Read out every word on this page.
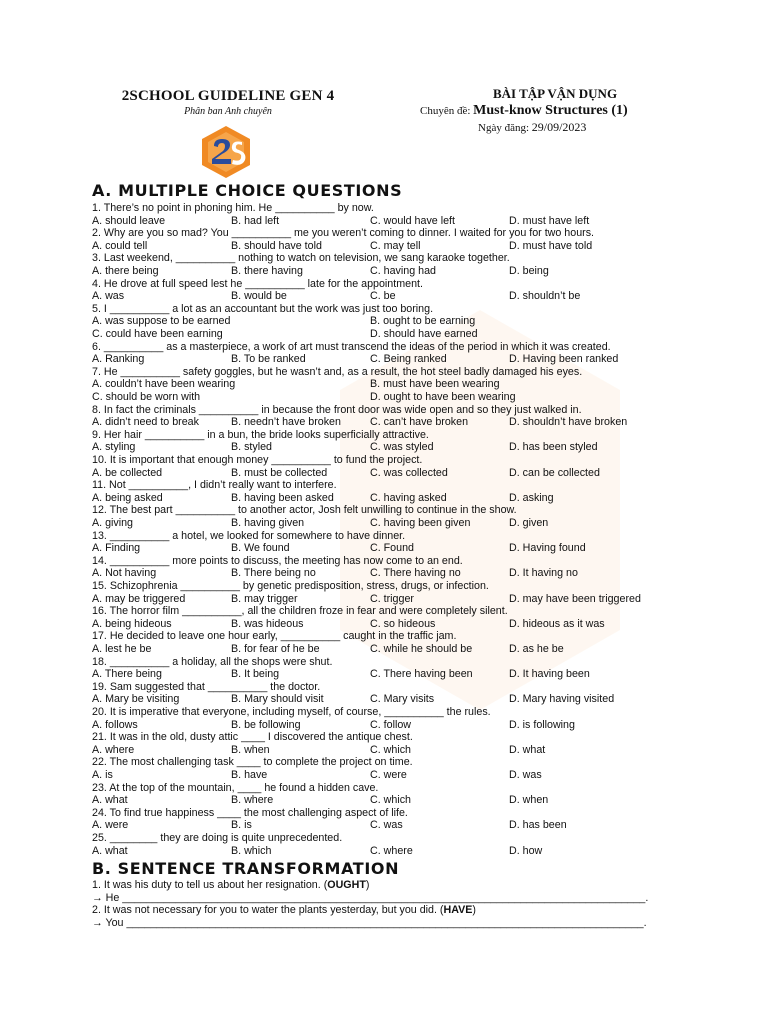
2SCHOOL GUIDELINE GEN 4
Phân ban Anh chuyên
BÀI TẬP VẬN DỤNG
Chuyên đề: Must-know Structures (1)
Ngày đăng: 29/09/2023
A. MULTIPLE CHOICE QUESTIONS
1. There’s no point in phoning him. He __________ by now.
A. should leave	B. had left	C. would have left	D. must have left
2. Why are you so mad? You __________ me you weren’t coming to dinner. I waited for you for two hours.
A. could tell	B. should have told	C. may tell	D. must have told
3. Last weekend, __________ nothing to watch on television, we sang karaoke together.
A. there being	B. there having	C. having had	D. being
4. He drove at full speed lest he __________ late for the appointment.
A. was	B. would be	C. be	D. shouldn’t be
5. I __________ a lot as an accountant but the work was just too boring.
A. was suppose to be earned	B. ought to be earning
C. could have been earning	D. should have earned
6. __________ as a masterpiece, a work of art must transcend the ideas of the period in which it was created.
A. Ranking	B. To be ranked	C. Being ranked	D. Having been ranked
7. He __________ safety goggles, but he wasn’t and, as a result, the hot steel badly damaged his eyes.
A. couldn’t have been wearing	B. must have been wearing
C. should be worn with	D. ought to have been wearing
8. In fact the criminals __________ in because the front door was wide open and so they just walked in.
A. didn’t need to break	B. needn’t have broken	C. can’t have broken	D. shouldn’t have broken
9. Her hair __________ in a bun, the bride looks superficially attractive.
A. styling	B. styled	C. was styled	D. has been styled
10. It is important that enough money __________ to fund the project.
A. be collected	B. must be collected	C. was collected	D. can be collected
11. Not __________, I didn’t really want to interfere.
A. being asked	B. having been asked	C. having asked	D. asking
12. The best part __________ to another actor, Josh felt unwilling to continue in the show.
A. giving	B. having given	C. having been given	D. given
13. __________ a hotel, we looked for somewhere to have dinner.
A. Finding	B. We found	C. Found	D. Having found
14. __________ more points to discuss, the meeting has now come to an end.
A. Not having	B. There being no	C. There having no	D. It having no
15. Schizophrenia __________ by genetic predisposition, stress, drugs, or infection.
A. may be triggered	B. may trigger	C. trigger	D. may have been triggered
16. The horror film __________, all the children froze in fear and were completely silent.
A. being hideous	B. was hideous	C. so hideous	D. hideous as it was
17. He decided to leave one hour early, __________ caught in the traffic jam.
A. lest he be	B. for fear of he be	C. while he should be	D. as he be
18. __________ a holiday, all the shops were shut.
A. There being	B. It being	C. There having been	D. It having been
19. Sam suggested that __________ the doctor.
A. Mary be visiting	B. Mary should visit	C. Mary visits	D. Mary having visited
20. It is imperative that everyone, including myself, of course, __________ the rules.
A. follows	B. be following	C. follow	D. is following
21. It was in the old, dusty attic ____ I discovered the antique chest.
A. where	B. when	C. which	D. what
22. The most challenging task ____ to complete the project on time.
A. is	B. have	C. were	D. was
23. At the top of the mountain, ____ he found a hidden cave.
A. what	B. where	C. which	D. when
24. To find true happiness ____ the most challenging aspect of life.
A. were	B. is	C. was	D. has been
25. ________ they are doing is quite unprecedented.
A. what	B. which	C. where	D. how
B. SENTENCE TRANSFORMATION
1. It was his duty to tell us about her resignation. (OUGHT)
→ He ________________________________________________________________________________________.
2. It was not necessary for you to water the plants yesterday, but you did. (HAVE)
→ You _______________________________________________________________________________________.
